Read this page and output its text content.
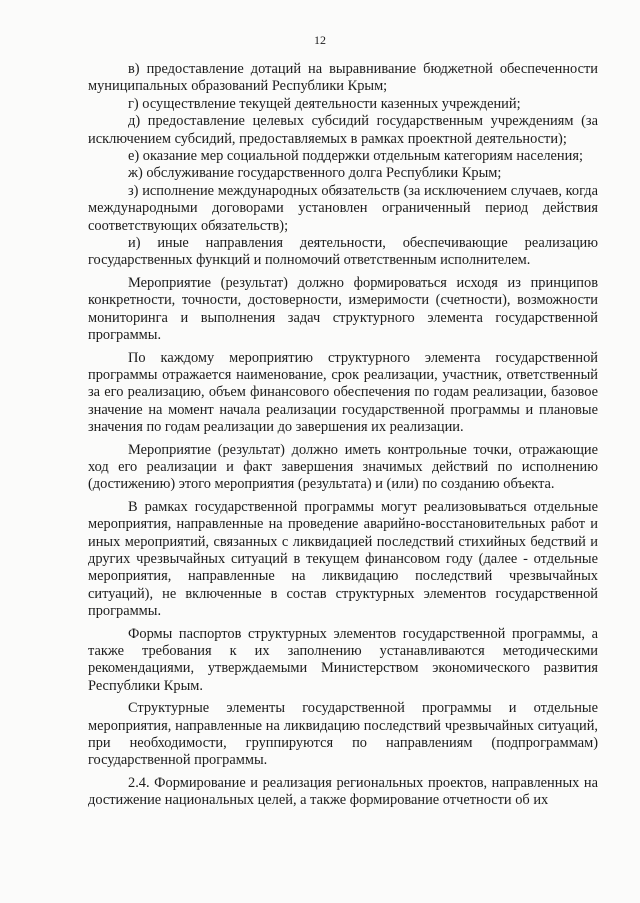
12

в) предоставление дотаций на выравнивание бюджетной обеспеченности муниципальных образований Республики Крым;

г) осуществление текущей деятельности казенных учреждений;

д) предоставление целевых субсидий государственным учреждениям (за исключением субсидий, предоставляемых в рамках проектной деятельности);

е) оказание мер социальной поддержки отдельным категориям населения;

ж) обслуживание государственного долга Республики Крым;

з) исполнение международных обязательств (за исключением случаев, когда международными договорами установлен ограниченный период действия соответствующих обязательств);

и) иные направления деятельности, обеспечивающие реализацию государственных функций и полномочий ответственным исполнителем.

Мероприятие (результат) должно формироваться исходя из принципов конкретности, точности, достоверности, измеримости (счетности), возможности мониторинга и выполнения задач структурного элемента государственной программы.

По каждому мероприятию структурного элемента государственной программы отражается наименование, срок реализации, участник, ответственный за его реализацию, объем финансового обеспечения по годам реализации, базовое значение на момент начала реализации государственной программы и плановые значения по годам реализации до завершения их реализации.

Мероприятие (результат) должно иметь контрольные точки, отражающие ход его реализации и факт завершения значимых действий по исполнению (достижению) этого мероприятия (результата) и (или) по созданию объекта.

В рамках государственной программы могут реализовываться отдельные мероприятия, направленные на проведение аварийно-восстановительных работ и иных мероприятий, связанных с ликвидацией последствий стихийных бедствий и других чрезвычайных ситуаций в текущем финансовом году (далее - отдельные мероприятия, направленные на ликвидацию последствий чрезвычайных ситуаций), не включенные в состав структурных элементов государственной программы.

Формы паспортов структурных элементов государственной программы, а также требования к их заполнению устанавливаются методическими рекомендациями, утверждаемыми Министерством экономического развития Республики Крым.

Структурные элементы государственной программы и отдельные мероприятия, направленные на ликвидацию последствий чрезвычайных ситуаций, при необходимости, группируются по направлениям (подпрограммам) государственной программы.

2.4. Формирование и реализация региональных проектов, направленных на достижение национальных целей, а также формирование отчетности об их
